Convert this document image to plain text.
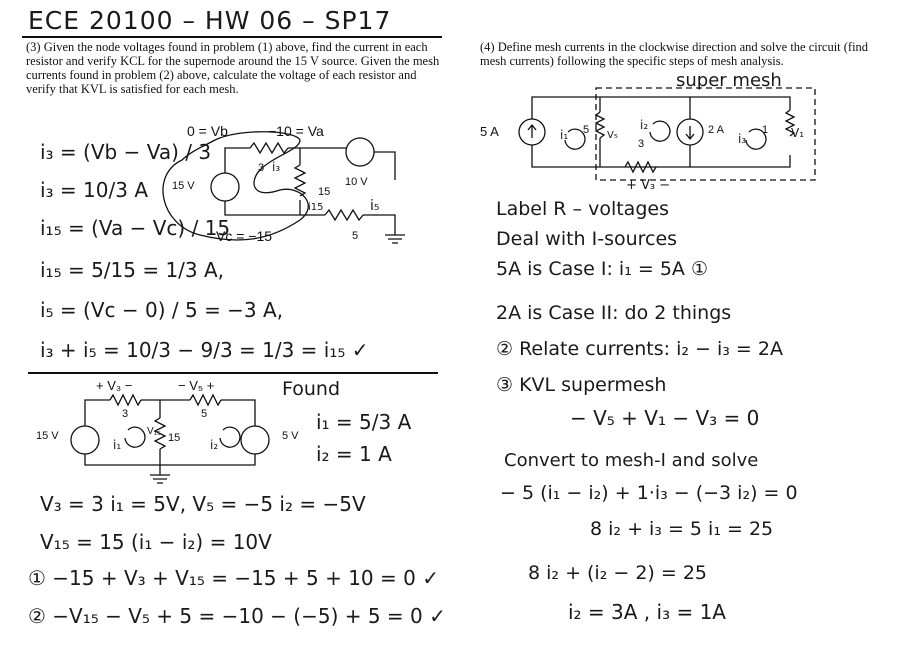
ECE 20100 – HW 06 – SP17
(3) Given the node voltages found in problem (1) above, find the current in each resistor and verify KCL for the supernode around the 15 V source. Given the mesh currents found in problem (2) above, calculate the voltage of each resistor and verify that KVL is satisfied for each mesh.
i₃ = (Vb − Va) / 3
i₃ = 10/3 A
i₁₅ = (Va − Vc) / 15
i₁₅ = 5/15 = 1/3 A,
i₅ = (Vc − 0) / 5 = −3 A,
i₃ + i₅ = 10/3 − 9/3 = 1/3 = i₁₅ ✓
0 = Vb	−10 = Va
Vc = −15
15 V	10 V
3
15
5
i₃
i15	i₅
+ V₃ −	− V₅ +
3	5
15
15 V	5 V
V₁₅
i₁	i₂
Found
i₁ = 5/3 A
i₂ = 1 A
V₃ = 3 i₁ = 5V, V₅ = −5 i₂ = −5V
V₁₅ = 15 (i₁ − i₂) = 10V
① −15 + V₃ + V₁₅ = −15 + 5 + 10 = 0 ✓
② −V₁₅ − V₅ + 5 = −10 − (−5) + 5 = 0 ✓
(4) Define mesh currents in the clockwise direction and solve the circuit (find mesh currents) following the specific steps of mesh analysis.
super mesh
5 A	2 A
5
3
1
V₅	V₁
+ V₃ −
i₁
i₂
i₃
Label R – voltages
Deal with I-sources
5A is Case I: i₁ = 5A ①
2A is Case II: do 2 things
② Relate currents: i₂ − i₃ = 2A
③ KVL supermesh
− V₅ + V₁ − V₃ = 0
Convert to mesh-I and solve
− 5 (i₁ − i₂) + 1·i₃ − (−3 i₂) = 0
8 i₂ + i₃ = 5 i₁ = 25
8 i₂ + (i₂ − 2) = 25
i₂ = 3A , i₃ = 1A
